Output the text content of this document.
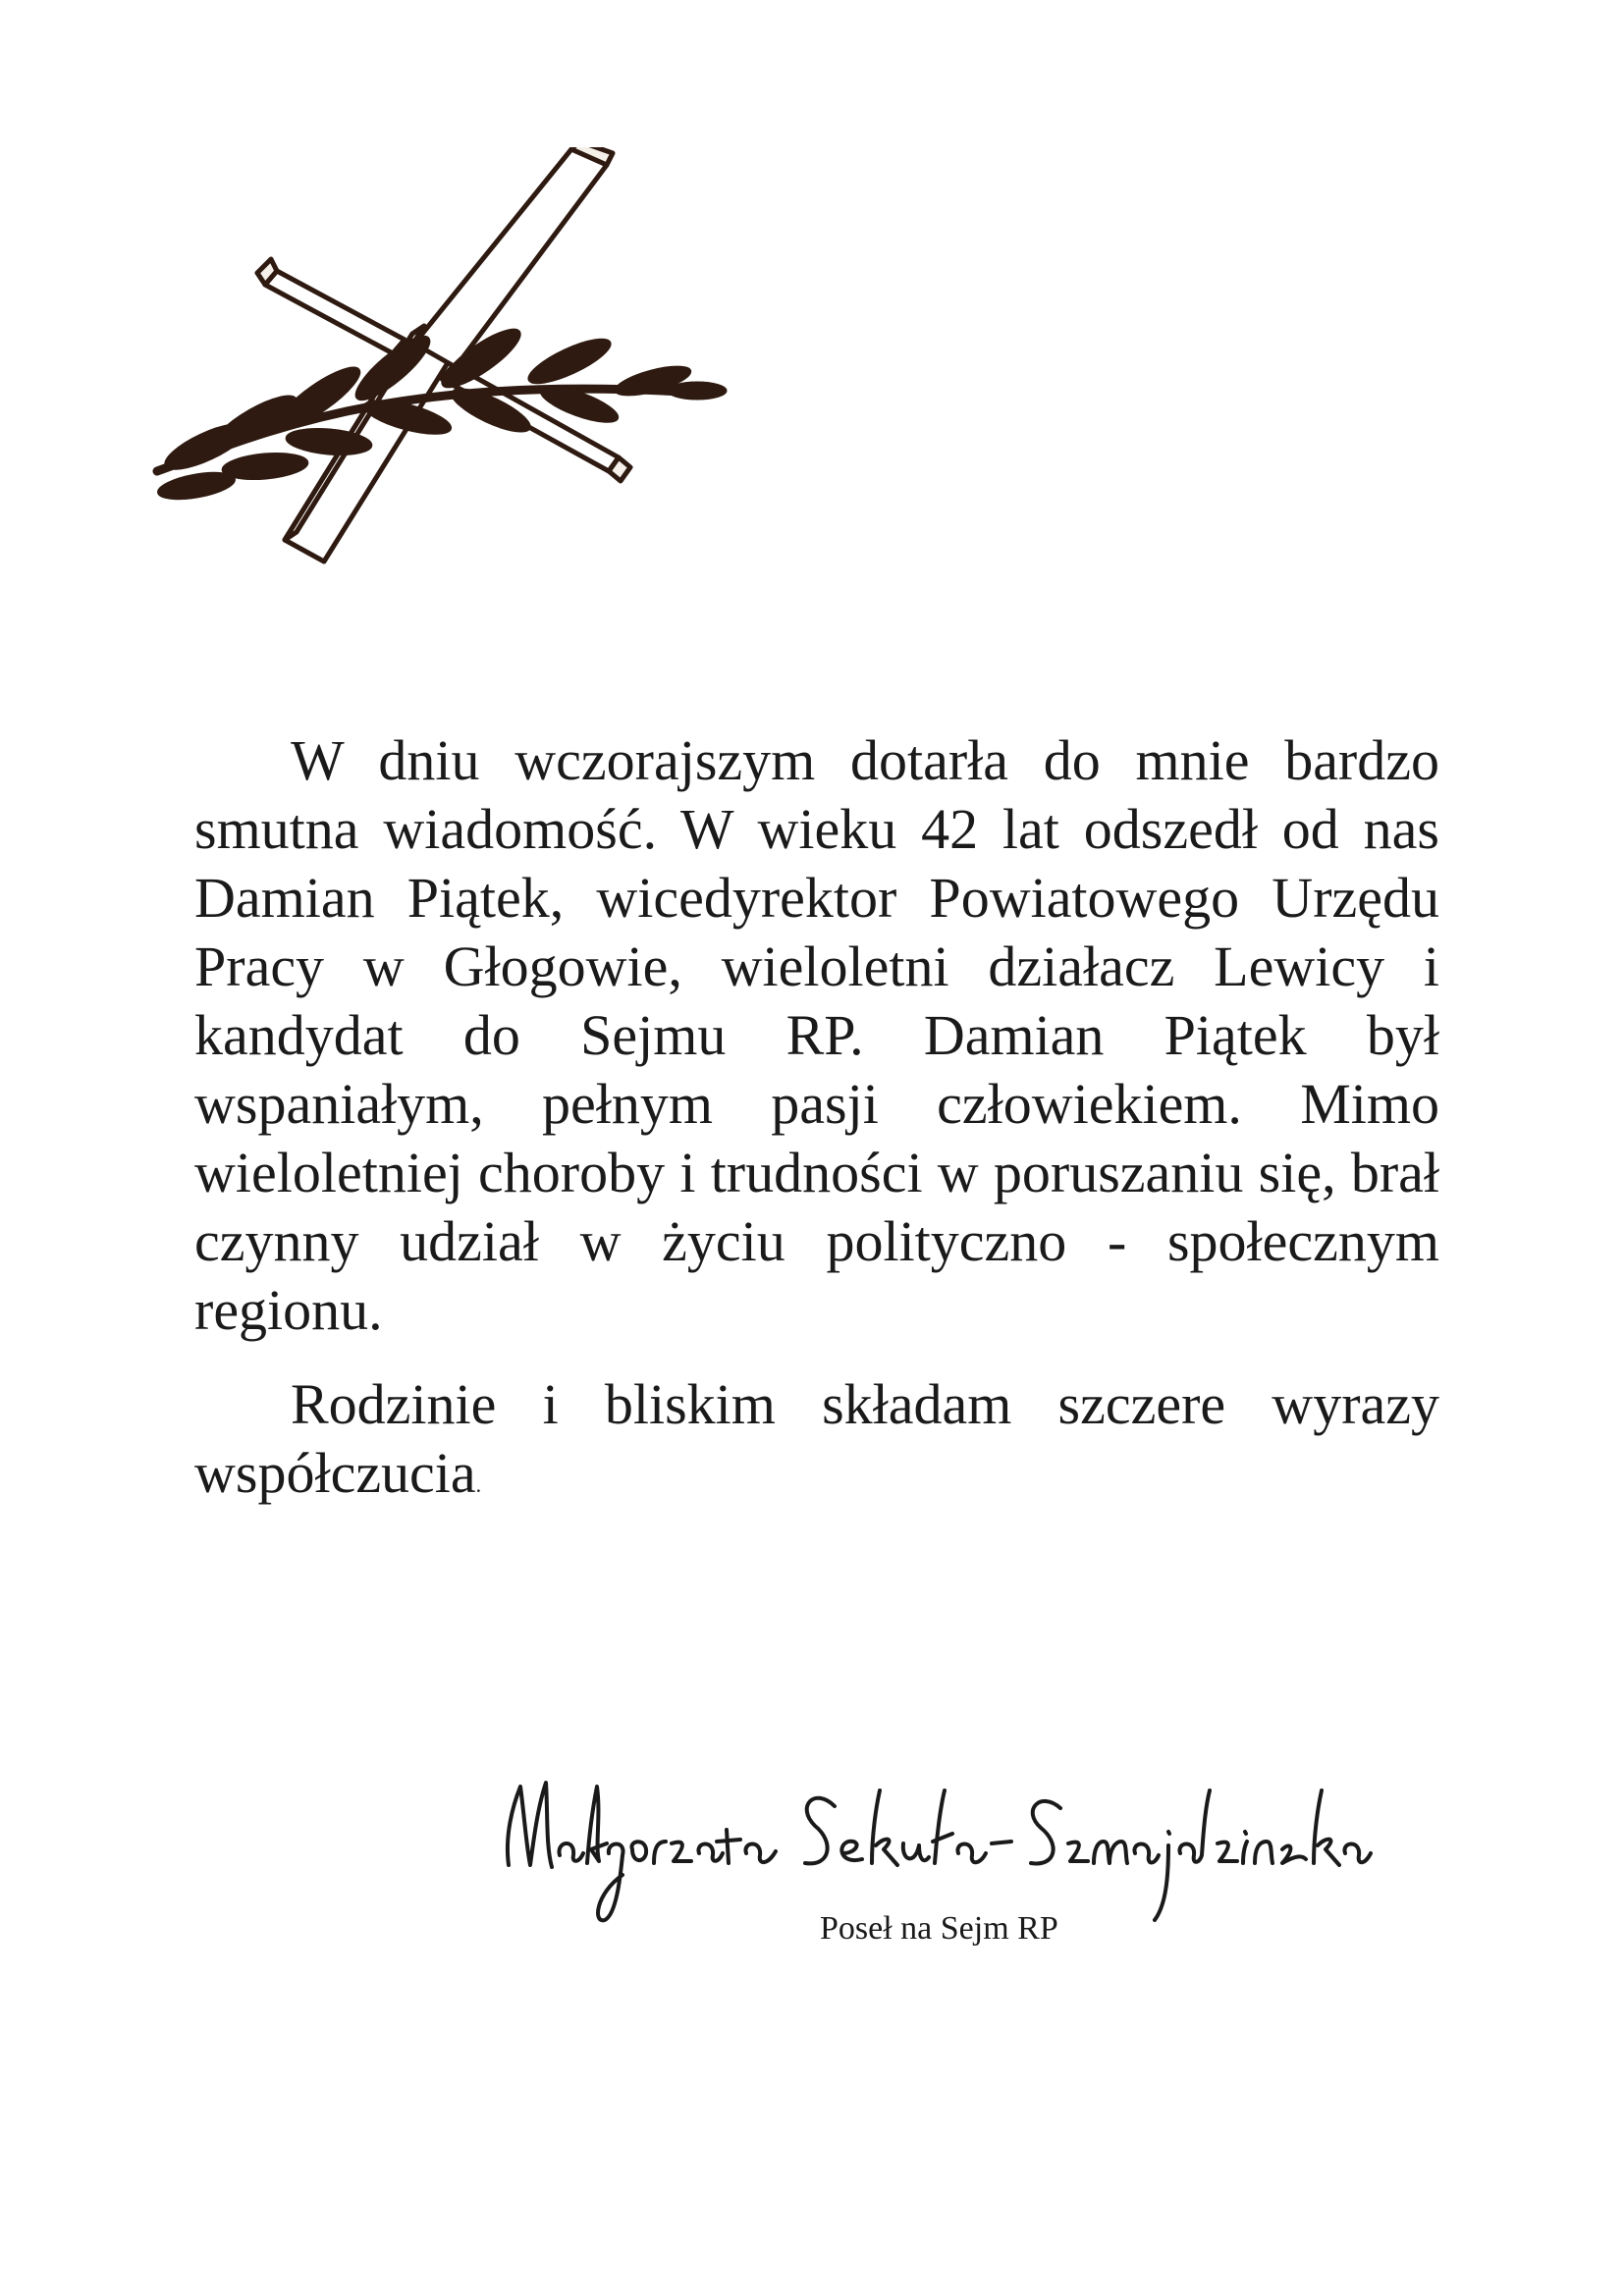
W dniu wczorajszym dotarła do mnie bardzo smutna wiadomość. W wieku 42 lat odszedł od nas Damian Piątek, wicedyrektor Powiatowego Urzędu Pracy w Głogowie, wieloletni działacz Lewicy i kandydat do Sejmu RP. Damian Piątek był wspaniałym, pełnym pasji człowiekiem. Mimo wieloletniej choroby i trudności w poruszaniu się, brał czynny udział w życiu polityczno - społecznym regionu.

Rodzinie i bliskim składam szczere wyrazy współczucia.

Poseł na Sejm RP
